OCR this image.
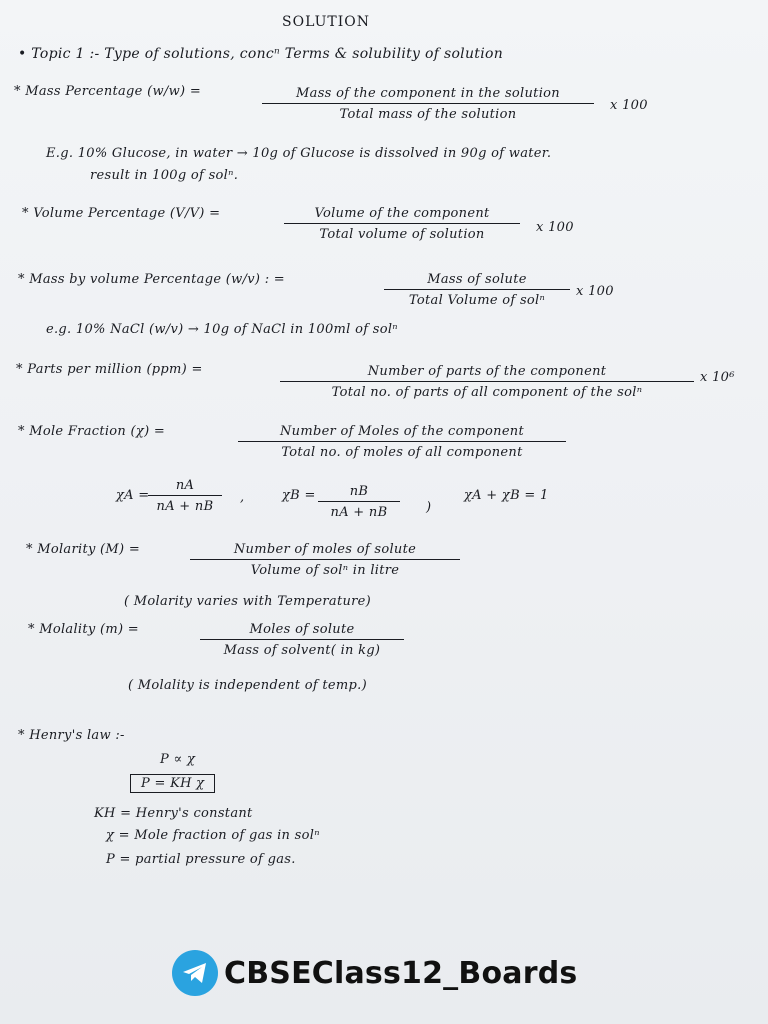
SOLUTION
• Topic 1 :- Type of solutions, concⁿ Terms & solubility of solution
* Mass Percentage (w/w) =	Mass of the component in the solution
Total mass of the solution
x 100
E.g. 10% Glucose, in water → 10g of Glucose is dissolved in 90g of water.
result in 100g of solⁿ.
* Volume Percentage (V/V) =	Volume of the component
Total volume of solution	x 100
* Mass by volume Percentage (w/v) : =	Mass of solute
Total Volume of solⁿ
x 100
e.g. 10% NaCl (w/v) → 10g of NaCl in 100ml of solⁿ
* Parts per million (ppm) =	Number of parts of the component
Total no. of parts of all component of the solⁿ
x 10⁶
* Mole Fraction (χ) =	Number of Moles of the component
Total no. of moles of all component
χA =
$\frac{nA}{nA + nB}$ ,	$\chi B = \frac{nB}{nA + nB}$ )
χA + χB = 1
* Molarity (M) =	Number of moles of solute
Volume of solⁿ in litre
( Molarity varies with Temperature)
* Molality (m) =	Moles of solute
Mass of solvent( in kg)
( Molality is independent of temp.)
* Henry's law :-
P ∝ χ
P = KH χ
KH = Henry's constant
χ = Mole fraction of gas in solⁿ
P = partial pressure of gas.
CBSEClass12_Boards
